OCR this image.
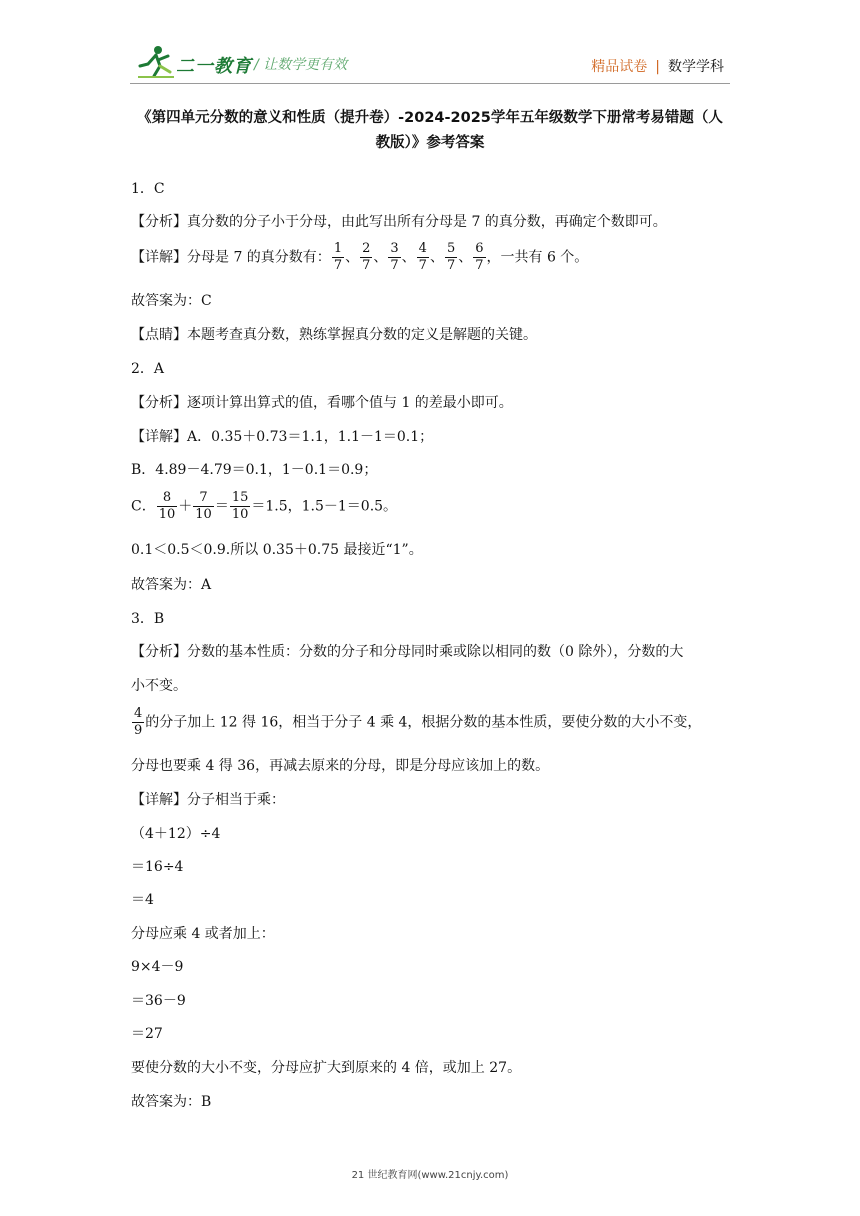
二一教育 / 让数学更有效	精品试卷 | 数学学科
《第四单元分数的意义和性质（提升卷）-2024-2025学年五年级数学下册常考易错题（人
教版）》参考答案
1．C
【分析】真分数的分子小于分母，由此写出所有分母是 7 的真分数，再确定个数即可。
【详解】分母是 7 的真分数有： $\frac{1}{7}$ 、 $\frac{2}{7}$ 、 $\frac{3}{7}$ 、 $\frac{4}{7}$ 、 $\frac{5}{7}$ 、 $\frac{6}{7}$ ，一共有 6 个。
故答案为：C
【点睛】本题考查真分数，熟练掌握真分数的定义是解题的关键。
2．A
【分析】逐项计算出算式的值，看哪个值与 1 的差最小即可。
【详解】A．0.35＋0.73＝1.1，1.1－1＝0.1；
B．4.89－4.79＝0.1，1－0.1＝0.9；
C． $\frac{8}{10} + \frac{7}{10} = \frac{15}{10} =1.5$，1.5－1＝0.5。
0.1＜0.5＜0.9.所以 0.35＋0.75 最接近“1”。
故答案为：A
3．B
【分析】分数的基本性质：分数的分子和分母同时乘或除以相同的数（0 除外），分数的大
小不变。
$\frac{4}{9}$ 的分子加上 12 得 16，相当于分子 4 乘 4，根据分数的基本性质，要使分数的大小不变，
分母也要乘 4 得 36，再减去原来的分母，即是分母应该加上的数。
【详解】分子相当于乘：
（4＋12）÷4
＝16÷4
＝4
分母应乘 4 或者加上：
9×4－9
＝36－9
＝27
要使分数的大小不变，分母应扩大到原来的 4 倍，或加上 27。
故答案为：B
21 世纪教育网(www.21cnjy.com)
